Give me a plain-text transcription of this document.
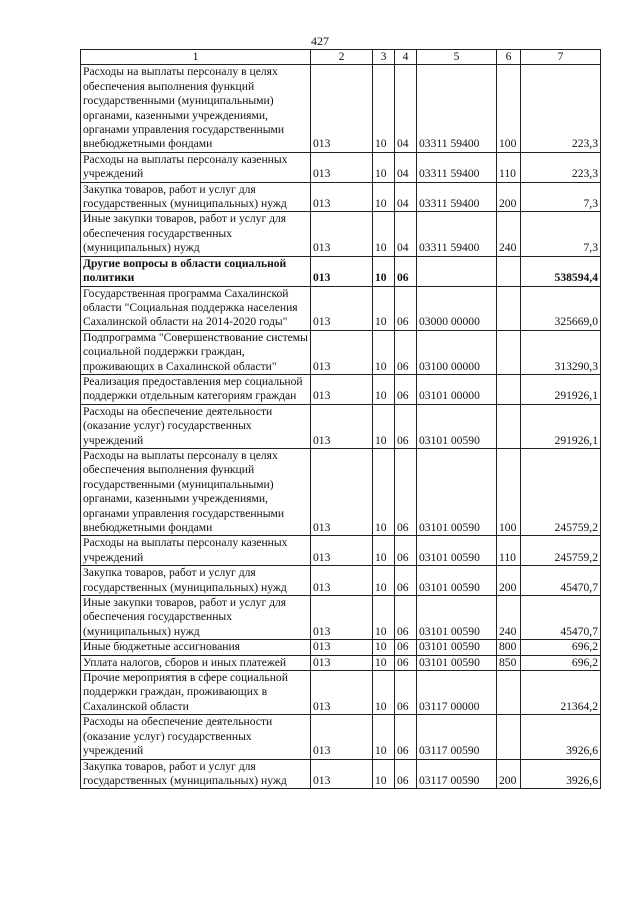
427
1	2	3	4	5	6	7
Расходы на выплаты персоналу в целях обеспечения выполнения функций государственными (муниципальными) органами, казенными учреждениями, органами управления государственными внебюджетными фондами	013	10	04	03311 59400	100	223,3
Расходы на выплаты персоналу казенных учреждений	013	10	04	03311 59400	110	223,3
Закупка товаров, работ и услуг для государственных (муниципальных) нужд	013	10	04	03311 59400	200	7,3
Иные закупки товаров, работ и услуг для обеспечения государственных (муниципальных) нужд	013	10	04	03311 59400	240	7,3
Другие вопросы в области социальной политики	013	10	06			538594,4
Государственная программа Сахалинской области "Социальная поддержка населения Сахалинской области на 2014-2020 годы"	013	10	06	03000 00000		325669,0
Подпрограмма "Совершенствование системы социальной поддержки граждан, проживающих в Сахалинской области"	013	10	06	03100 00000		313290,3
Реализация предоставления мер социальной поддержки отдельным категориям граждан	013	10	06	03101 00000		291926,1
Расходы на обеспечение деятельности (оказание услуг) государственных учреждений	013	10	06	03101 00590		291926,1
Расходы на выплаты персоналу в целях обеспечения выполнения функций государственными (муниципальными) органами, казенными учреждениями, органами управления государственными внебюджетными фондами	013	10	06	03101 00590	100	245759,2
Расходы на выплаты персоналу казенных учреждений	013	10	06	03101 00590	110	245759,2
Закупка товаров, работ и услуг для государственных (муниципальных) нужд	013	10	06	03101 00590	200	45470,7
Иные закупки товаров, работ и услуг для обеспечения государственных (муниципальных) нужд	013	10	06	03101 00590	240	45470,7
Иные бюджетные ассигнования	013	10	06	03101 00590	800	696,2
Уплата налогов, сборов и иных платежей	013	10	06	03101 00590	850	696,2
Прочие мероприятия в сфере социальной поддержки граждан, проживающих в Сахалинской области	013	10	06	03117 00000		21364,2
Расходы на обеспечение деятельности (оказание услуг) государственных учреждений	013	10	06	03117 00590		3926,6
Закупка товаров, работ и услуг для государственных (муниципальных) нужд	013	10	06	03117 00590	200	3926,6
